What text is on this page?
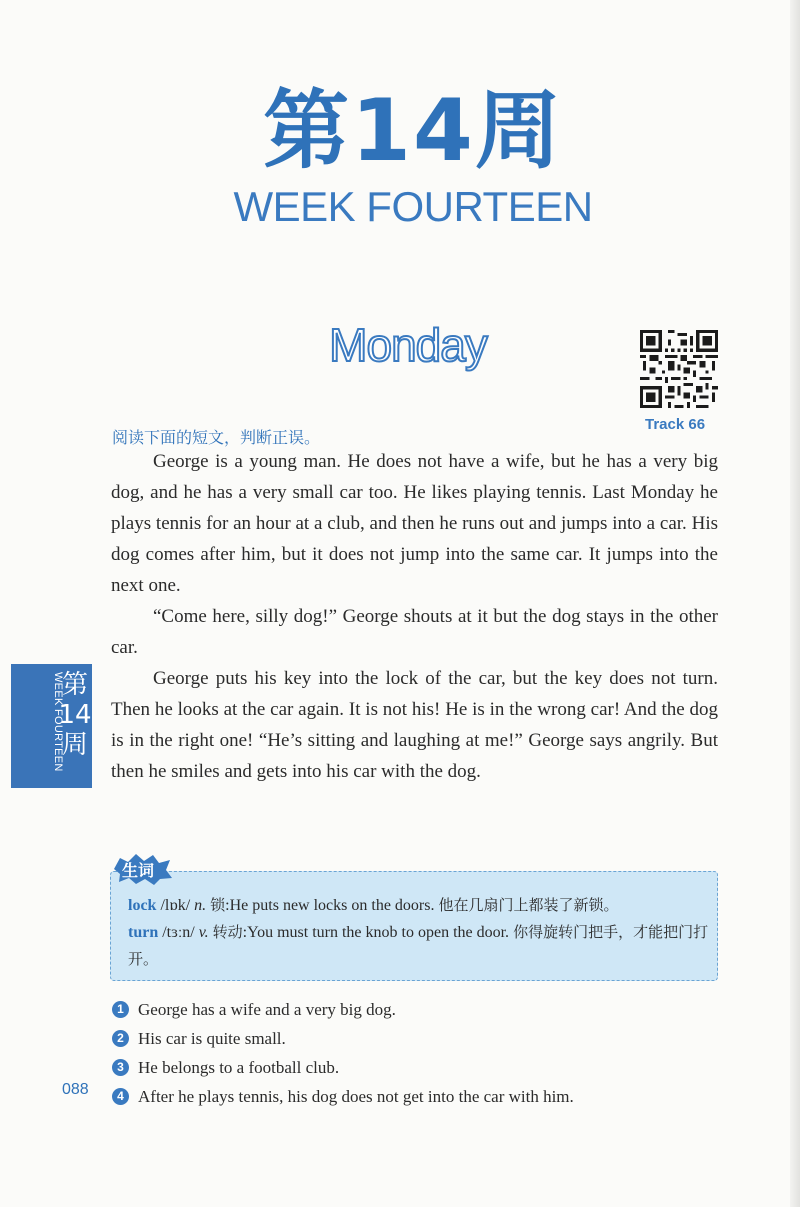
第14周
WEEK FOURTEEN
Monday
Track 66
阅读下面的短文，判断正误。

George is a young man. He does not have a wife, but he has a very big dog, and he has a very small car too. He likes playing tennis. Last Monday he plays tennis for an hour at a club, and then he runs out and jumps into a car. His dog comes after him, but it does not jump into the same car. It jumps into the next one.

“Come here, silly dog!” George shouts at it but the dog stays in the other car.

George puts his key into the lock of the car, but the key does not turn. Then he looks at the car again. It is not his! He is in the wrong car! And the dog is in the right one! “He’s sitting and laughing at me!” George says angrily. But then he smiles and gets into his car with the dog.

WEEK FOURTEEN
第
14
周
lock /lɒk/ n. 锁:He puts new locks on the doors. 他在几扇门上都装了新锁。
turn /tɜːn/ v. 转动:You must turn the knob to open the door. 你得旋转门把手，才能把门打开。
生词
1 George has a wife and a very big dog.
2 His car is quite small.
3 He belongs to a football club.
4 After he plays tennis, his dog does not get into the car with him.
088
